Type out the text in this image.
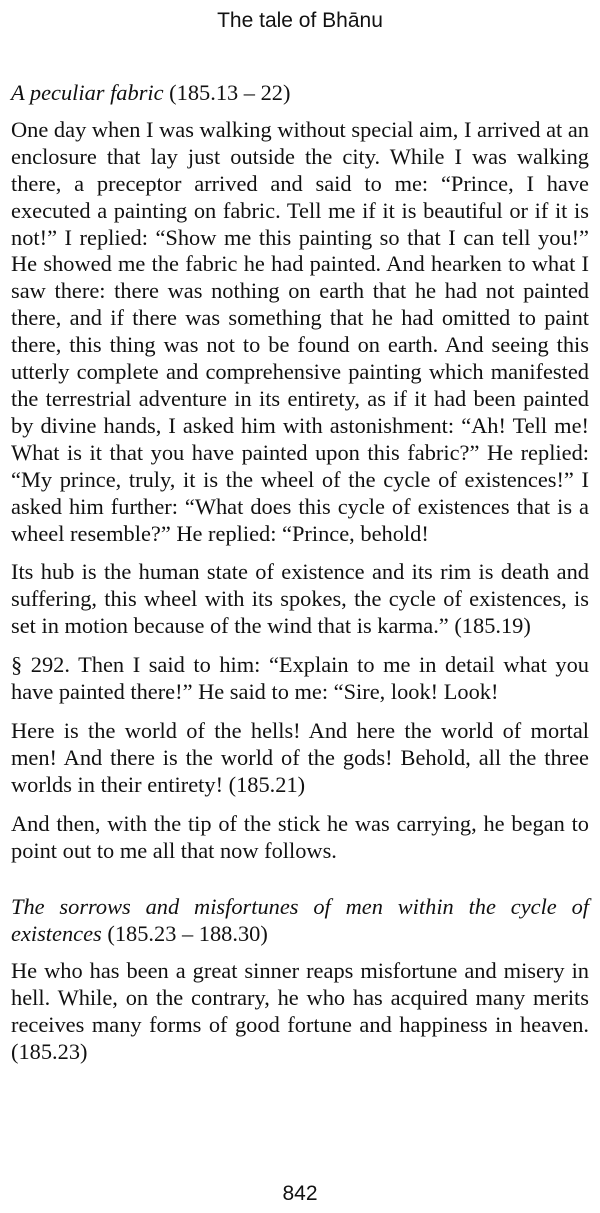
The tale of Bhānu
A peculiar fabric (185.13 – 22)

One day when I was walking without special aim, I arrived at an enclosure that lay just outside the city. While I was walking there, a preceptor arrived and said to me: “Prince, I have executed a painting on fabric. Tell me if it is beautiful or if it is not!” I replied: “Show me this painting so that I can tell you!” He showed me the fabric he had painted. And hearken to what I saw there: there was nothing on earth that he had not painted there, and if there was something that he had omitted to paint there, this thing was not to be found on earth. And seeing this utterly complete and comprehensive painting which manifested the terrestrial adventure in its entirety, as if it had been painted by divine hands, I asked him with astonishment: “Ah! Tell me! What is it that you have painted upon this fabric?” He replied: “My prince, truly, it is the wheel of the cycle of existences!” I asked him further: “What does this cycle of existences that is a wheel resemble?” He replied: “Prince, behold!

Its hub is the human state of existence and its rim is death and suffering, this wheel with its spokes, the cycle of existences, is set in motion because of the wind that is karma.” (185.19)

§ 292. Then I said to him: “Explain to me in detail what you have painted there!” He said to me: “Sire, look! Look!

Here is the world of the hells! And here the world of mortal men! And there is the world of the gods! Behold, all the three worlds in their entirety! (185.21)

And then, with the tip of the stick he was carrying, he began to point out to me all that now follows.

The sorrows and misfortunes of men within the cycle of existences (185.23 – 188.30)

He who has been a great sinner reaps misfortune and misery in hell. While, on the contrary, he who has acquired many merits receives many forms of good fortune and happiness in heaven. (185.23)

842
